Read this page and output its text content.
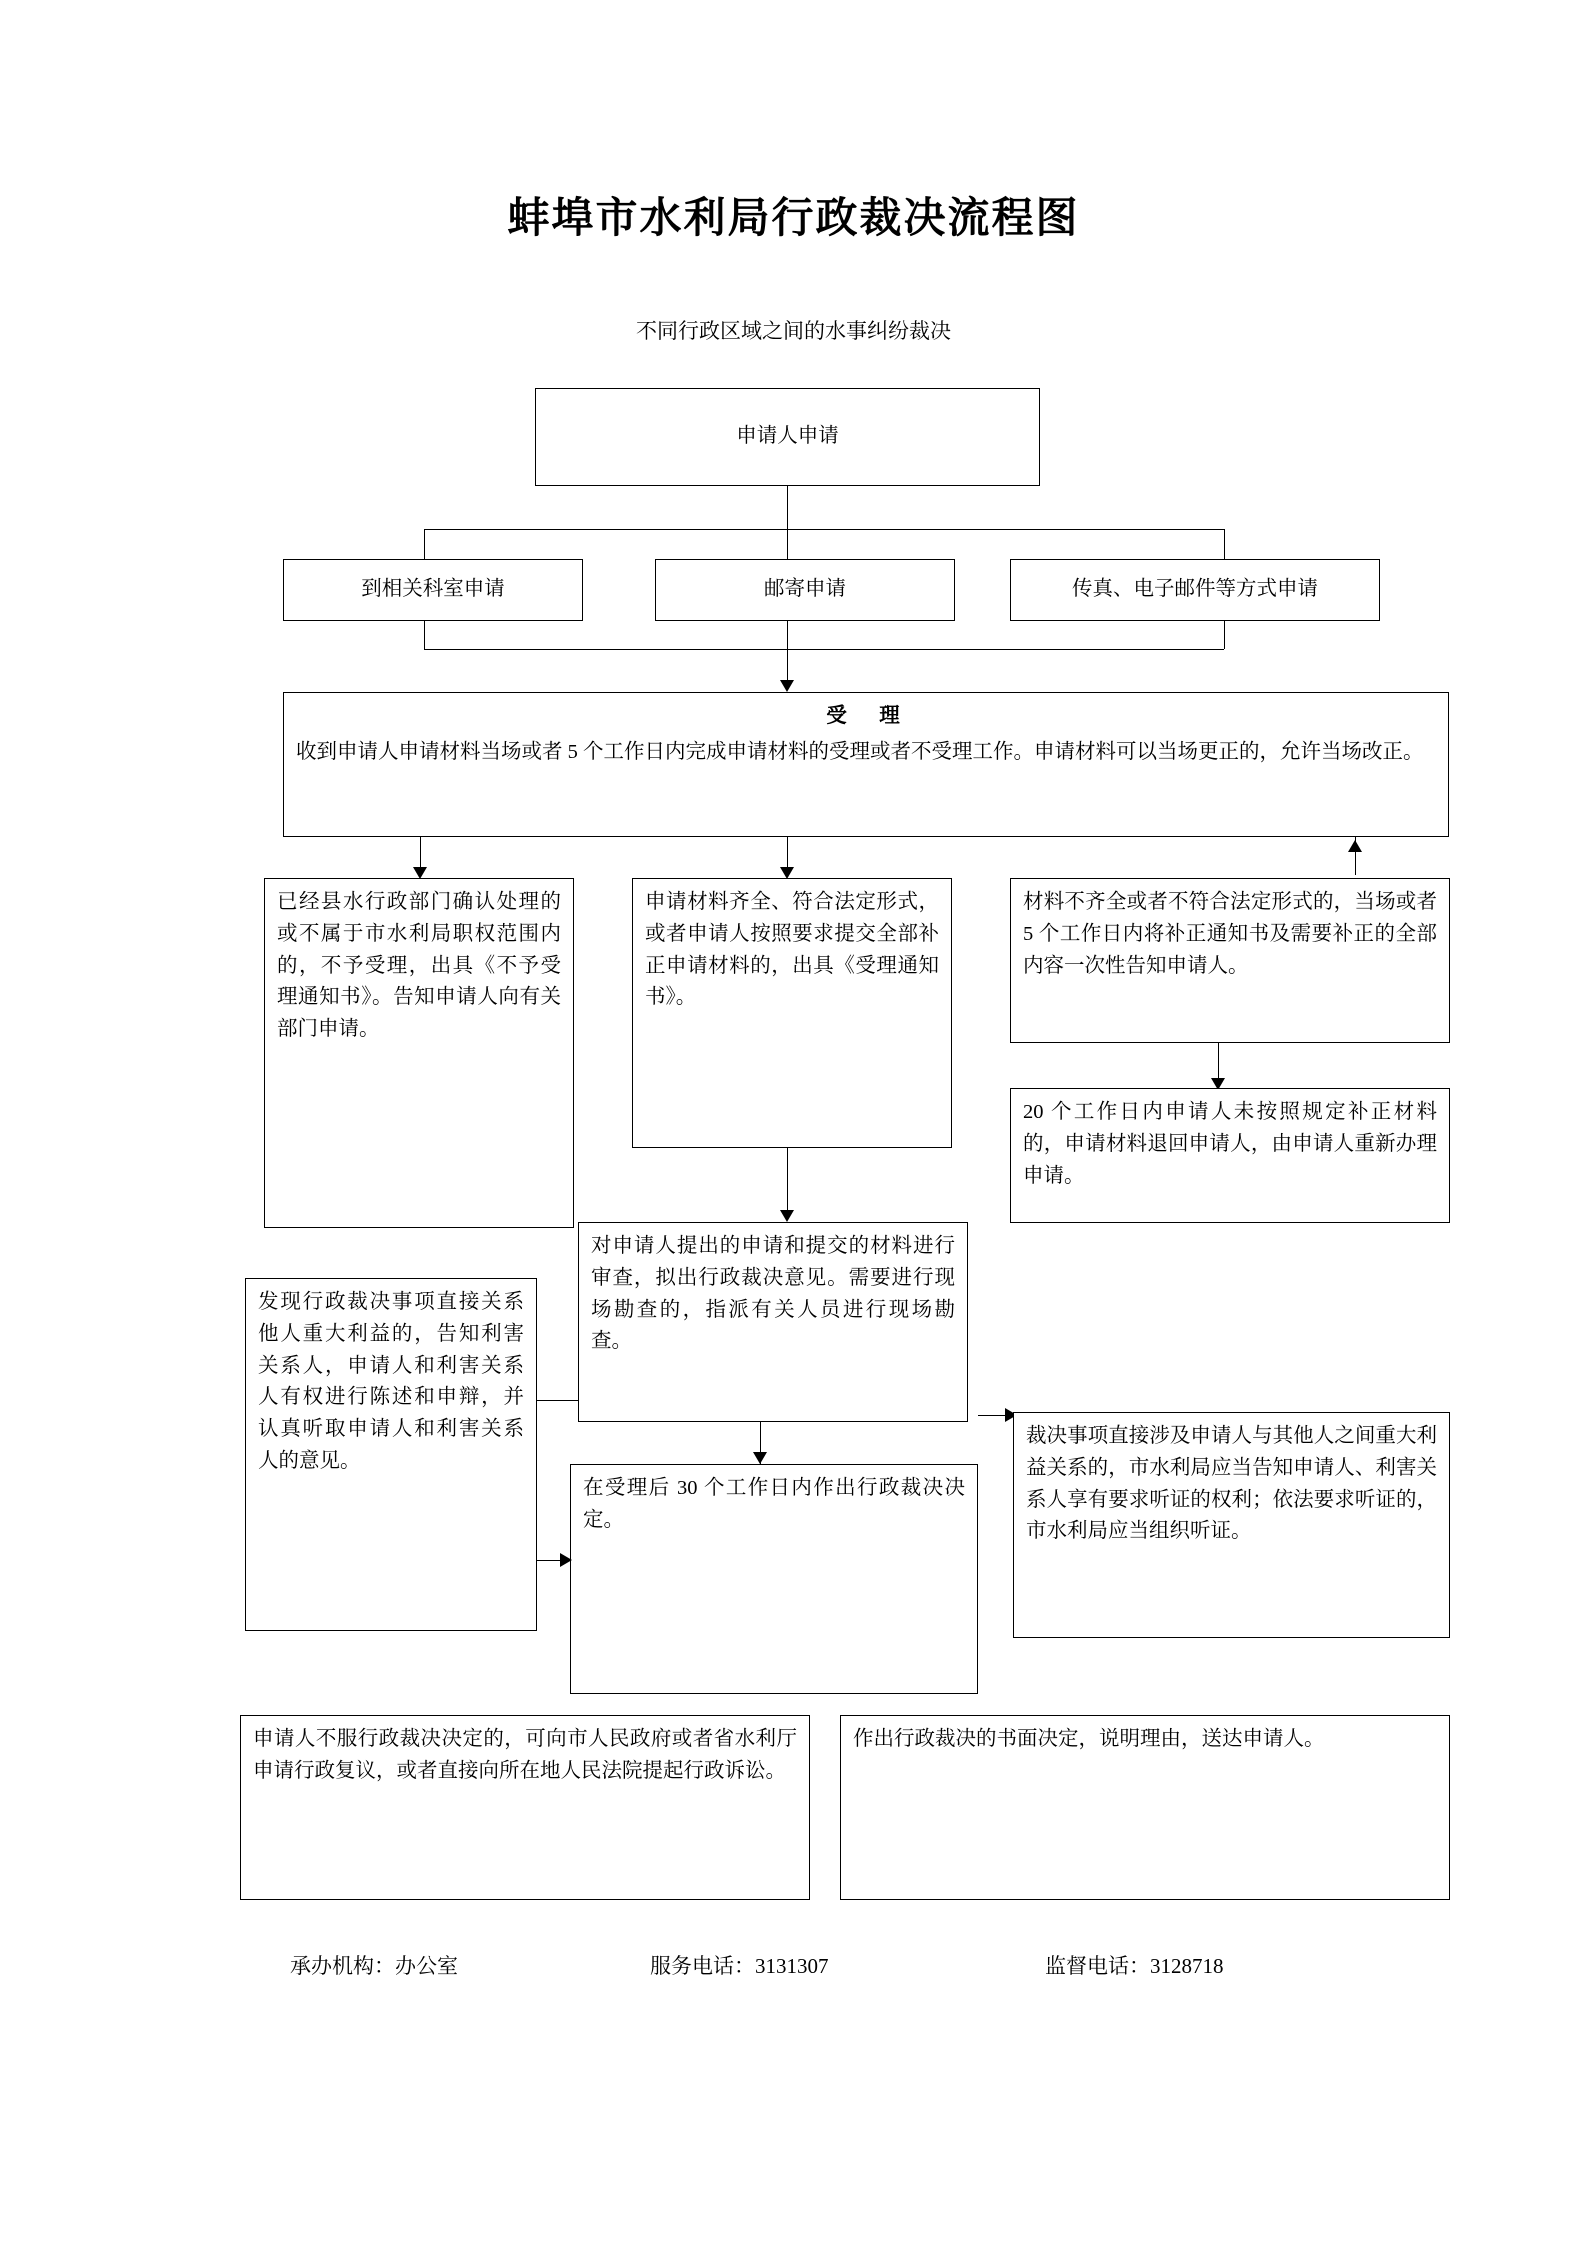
蚌埠市水利局行政裁决流程图
不同行政区域之间的水事纠纷裁决
申请人申请
到相关科室申请	邮寄申请	传真、电子邮件等方式申请
受　理
收到申请人申请材料当场或者 5 个工作日内完成申请材料的受理或者不受理工作。申请材料可以当场更正的，允许当场改正。
已经县水行政部门确认处理的或不属于市水利局职权范围内的，不予受理，出具《不予受理通知书》。告知申请人向有关部门申请。
申请材料齐全、符合法定形式，或者申请人按照要求提交全部补正申请材料的，出具《受理通知书》。
材料不齐全或者不符合法定形式的，当场或者 5 个工作日内将补正通知书及需要补正的全部内容一次性告知申请人。
20 个工作日内申请人未按照规定补正材料的，申请材料退回申请人，由申请人重新办理申请。
对申请人提出的申请和提交的材料进行审查，拟出行政裁决意见。需要进行现场勘查的，指派有关人员进行现场勘查。
发现行政裁决事项直接关系他人重大利益的，告知利害关系人，申请人和利害关系人有权进行陈述和申辩，并认真听取申请人和利害关系人的意见。
在受理后 30 个工作日内作出行政裁决决定。
裁决事项直接涉及申请人与其他人之间重大利益关系的，市水利局应当告知申请人、利害关系人享有要求听证的权利；依法要求听证的，市水利局应当组织听证。
作出行政裁决的书面决定，说明理由，送达申请人。
申请人不服行政裁决决定的，可向市人民政府或者省水利厅申请行政复议，或者直接向所在地人民法院提起行政诉讼。
承办机构：办公室	服务电话：3131307	监督电话：3128718
